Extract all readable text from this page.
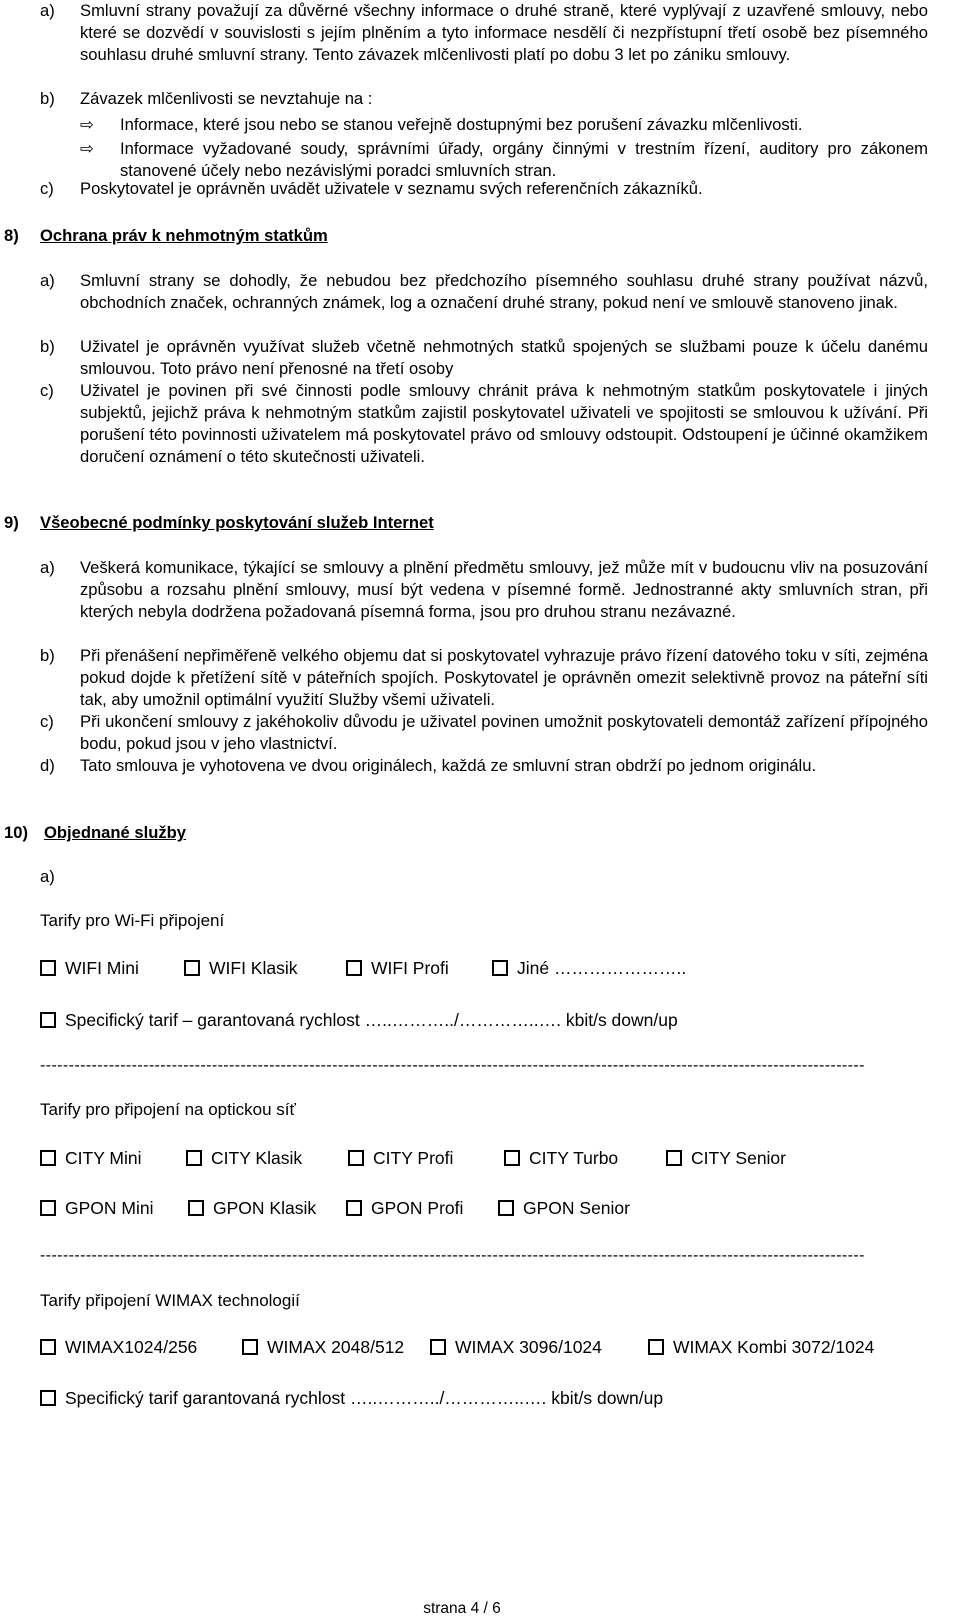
a) Smluvní strany považují za důvěrné všechny informace o druhé straně, které vyplývají z uzavřené smlouvy, nebo které se dozvědí v souvislosti s jejím plněním a tyto informace nesdělí či nezpřístupní třetí osobě bez písemného souhlasu druhé smluvní strany. Tento závazek mlčenlivosti platí po dobu 3 let po zániku smlouvy.
b) Závazek mlčenlivosti se nevztahuje na :
⇨ Informace, které jsou nebo se stanou veřejně dostupnými bez porušení závazku mlčenlivosti.
⇨ Informace vyžadované soudy, správními úřady, orgány činnými v trestním řízení, auditory pro zákonem stanovené účely nebo nezávislými poradci smluvních stran.
c) Poskytovatel je oprávněn uvádět uživatele v seznamu svých referenčních zákazníků.
8) Ochrana práv k nehmotným statkům
a) Smluvní strany se dohodly, že nebudou bez předchozího písemného souhlasu druhé strany používat názvů, obchodních značek, ochranných známek, log a označení druhé strany, pokud není ve smlouvě stanoveno jinak.
b) Uživatel je oprávněn využívat služeb včetně nehmotných statků spojených se službami pouze k účelu danému smlouvou. Toto právo není přenosné na třetí osoby
c) Uživatel je povinen při své činnosti podle smlouvy chránit práva k nehmotným statkům poskytovatele i jiných subjektů, jejichž práva k nehmotným statkům zajistil poskytovatel uživateli ve spojitosti se smlouvou k užívání. Při porušení této povinnosti uživatelem má poskytovatel právo od smlouvy odstoupit. Odstoupení je účinné okamžikem doručení oznámení o této skutečnosti uživateli.
9) Všeobecné podmínky poskytování služeb Internet
a) Veškerá komunikace, týkající se smlouvy a plnění předmětu smlouvy, jež může mít v budoucnu vliv na posuzování způsobu a rozsahu plnění smlouvy, musí být vedena v písemné formě. Jednostranné akty smluvních stran, při kterých nebyla dodržena požadovaná písemná forma, jsou pro druhou stranu nezávazné.
b) Při přenášení nepřiměřeně velkého objemu dat si poskytovatel vyhrazuje právo řízení datového toku v síti, zejména pokud dojde k přetížení sítě v páteřních spojích. Poskytovatel je oprávněn omezit selektivně provoz na páteřní síti tak, aby umožnil optimální využití Služby všemi uživateli.
c) Při ukončení smlouvy z jakéhokoliv důvodu je uživatel povinen umožnit poskytovateli demontáž zařízení přípojného bodu, pokud jsou v jeho vlastnictví.
d) Tato smlouva je vyhotovena ve dvou originálech, každá ze smluvní stran obdrží po jednom originálu.
10) Objednané služby
a)
Tarify pro Wi-Fi připojení
WIFI Mini	WIFI Klasik	WIFI Profi	Jiné …………………..
Specifický tarif – garantovaná rychlost …..………../…………..…. kbit/s down/up
------------------------------------------------------------------------------------------------------------------------------------------------
Tarify pro připojení na optickou síť
CITY Mini	CITY Klasik	CITY Profi	CITY Turbo	CITY Senior
GPON Mini	GPON Klasik	GPON Profi	GPON Senior
------------------------------------------------------------------------------------------------------------------------------------------------
Tarify připojení WIMAX technologií
WIMAX1024/256	WIMAX 2048/512	WIMAX 3096/1024	WIMAX Kombi 3072/1024
Specifický tarif garantovaná rychlost …..………../…………..…. kbit/s down/up
strana 4 / 6
